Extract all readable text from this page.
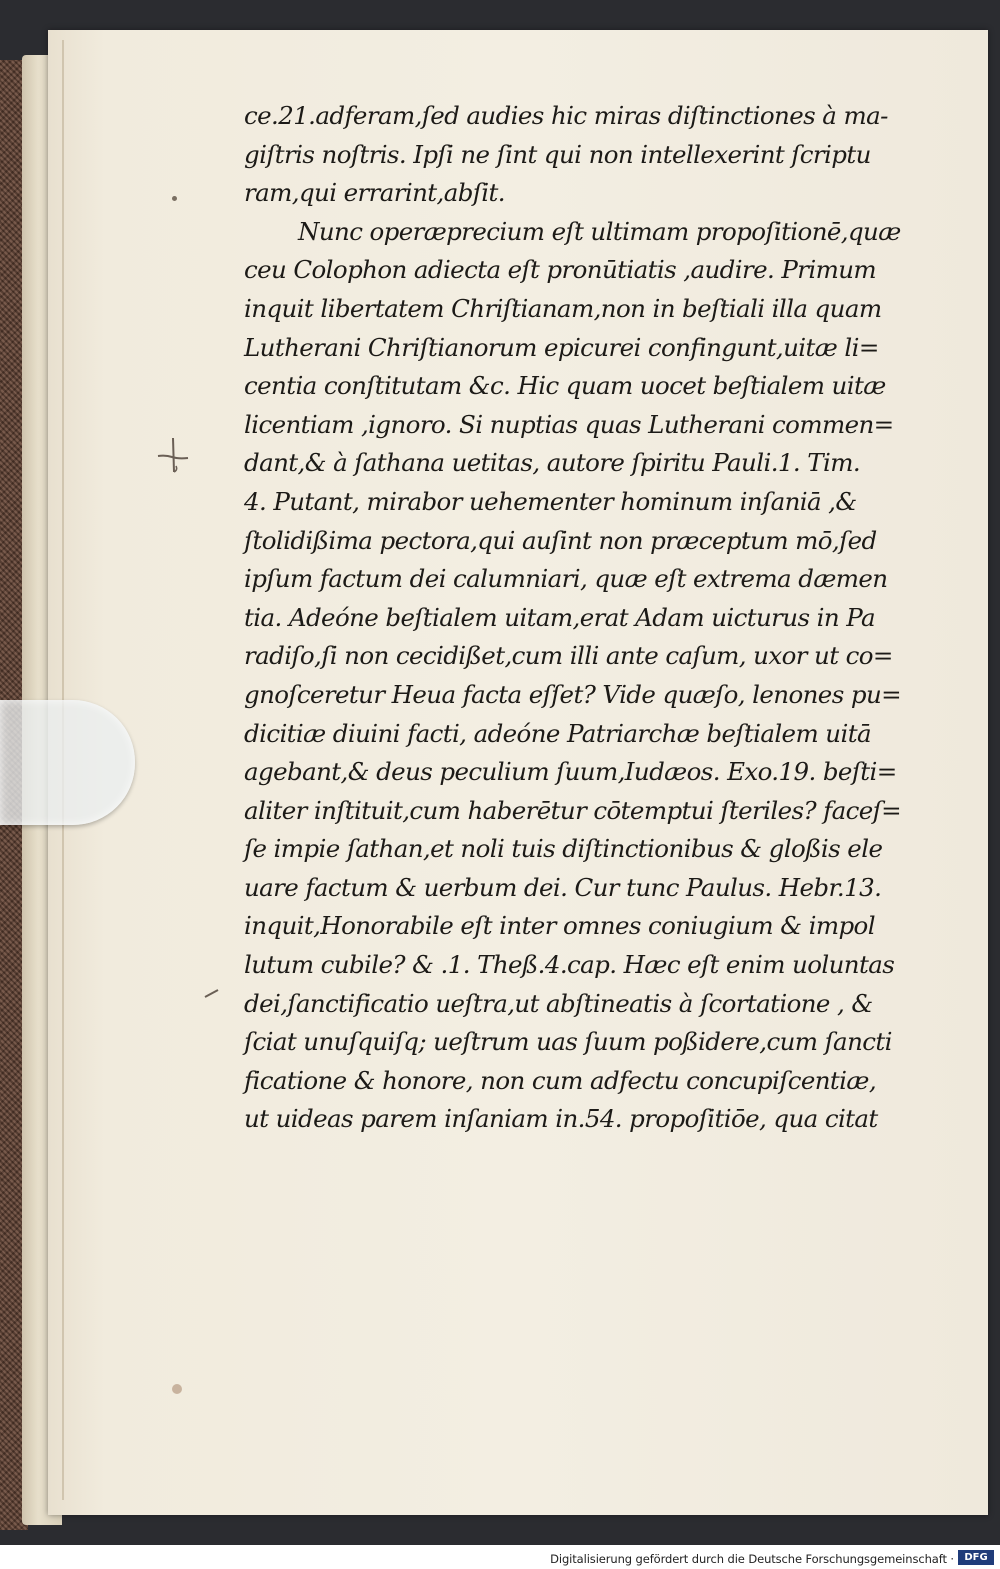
ce.21.adferam,ſed audies hic miras diſtinctiones à ma-
giſtris noſtris. Ipſi ne ſint qui non intellexerint ſcriptu
ram,qui errarint,abſit.
Nunc operæprecium eſt ultimam propoſitionē,quæ
ceu Colophon adiecta eſt pronūtiatis ,audire. Primum
inquit libertatem Chriſtianam,non in beſtiali illa quam
Lutherani Chriſtianorum epicurei confingunt,uitæ li=
centia conſtitutam &c. Hic quam uocet beſtialem uitæ
licentiam ,ignoro. Si nuptias quas Lutherani commen=
dant,& à ſathana uetitas, autore ſpiritu Pauli.1. Tim.
4. Putant, mirabor uehementer hominum inſaniā ,&
ſtolidißima pectora,qui auſint non præceptum mō,ſed
ipſum factum dei calumniari, quæ eſt extrema dæmen
tia. Adeóne beſtialem uitam,erat Adam uicturus in Pa
radiſo,ſi non cecidißet,cum illi ante caſum, uxor ut co=
gnoſceretur Heua facta eſſet? Vide quæſo, lenones pu=
dicitiæ diuini facti, adeóne Patriarchæ beſtialem uitā
agebant,& deus peculium ſuum,Iudæos. Exo.19. beſti=
aliter inſtituit,cum haberētur cōtemptui ſteriles? faceſ=
ſe impie ſathan,et noli tuis diſtinctionibus & gloßis ele
uare factum & uerbum dei. Cur tunc Paulus. Hebr.13.
inquit,Honorabile eſt inter omnes coniugium & impol
lutum cubile? & .1. Theß.4.cap. Hæc eſt enim uoluntas
dei,ſanctificatio ueſtra,ut abſtineatis à ſcortatione , &
ſciat unuſquiſq; ueſtrum uas ſuum poßidere,cum ſancti
ficatione & honore, non cum adfectu concupiſcentiæ,
ut uideas parem inſaniam in.54. propoſitiōe, qua citat
Digitalisierung gefördert durch die Deutsche Forschungsgemeinschaft ·	DFG
